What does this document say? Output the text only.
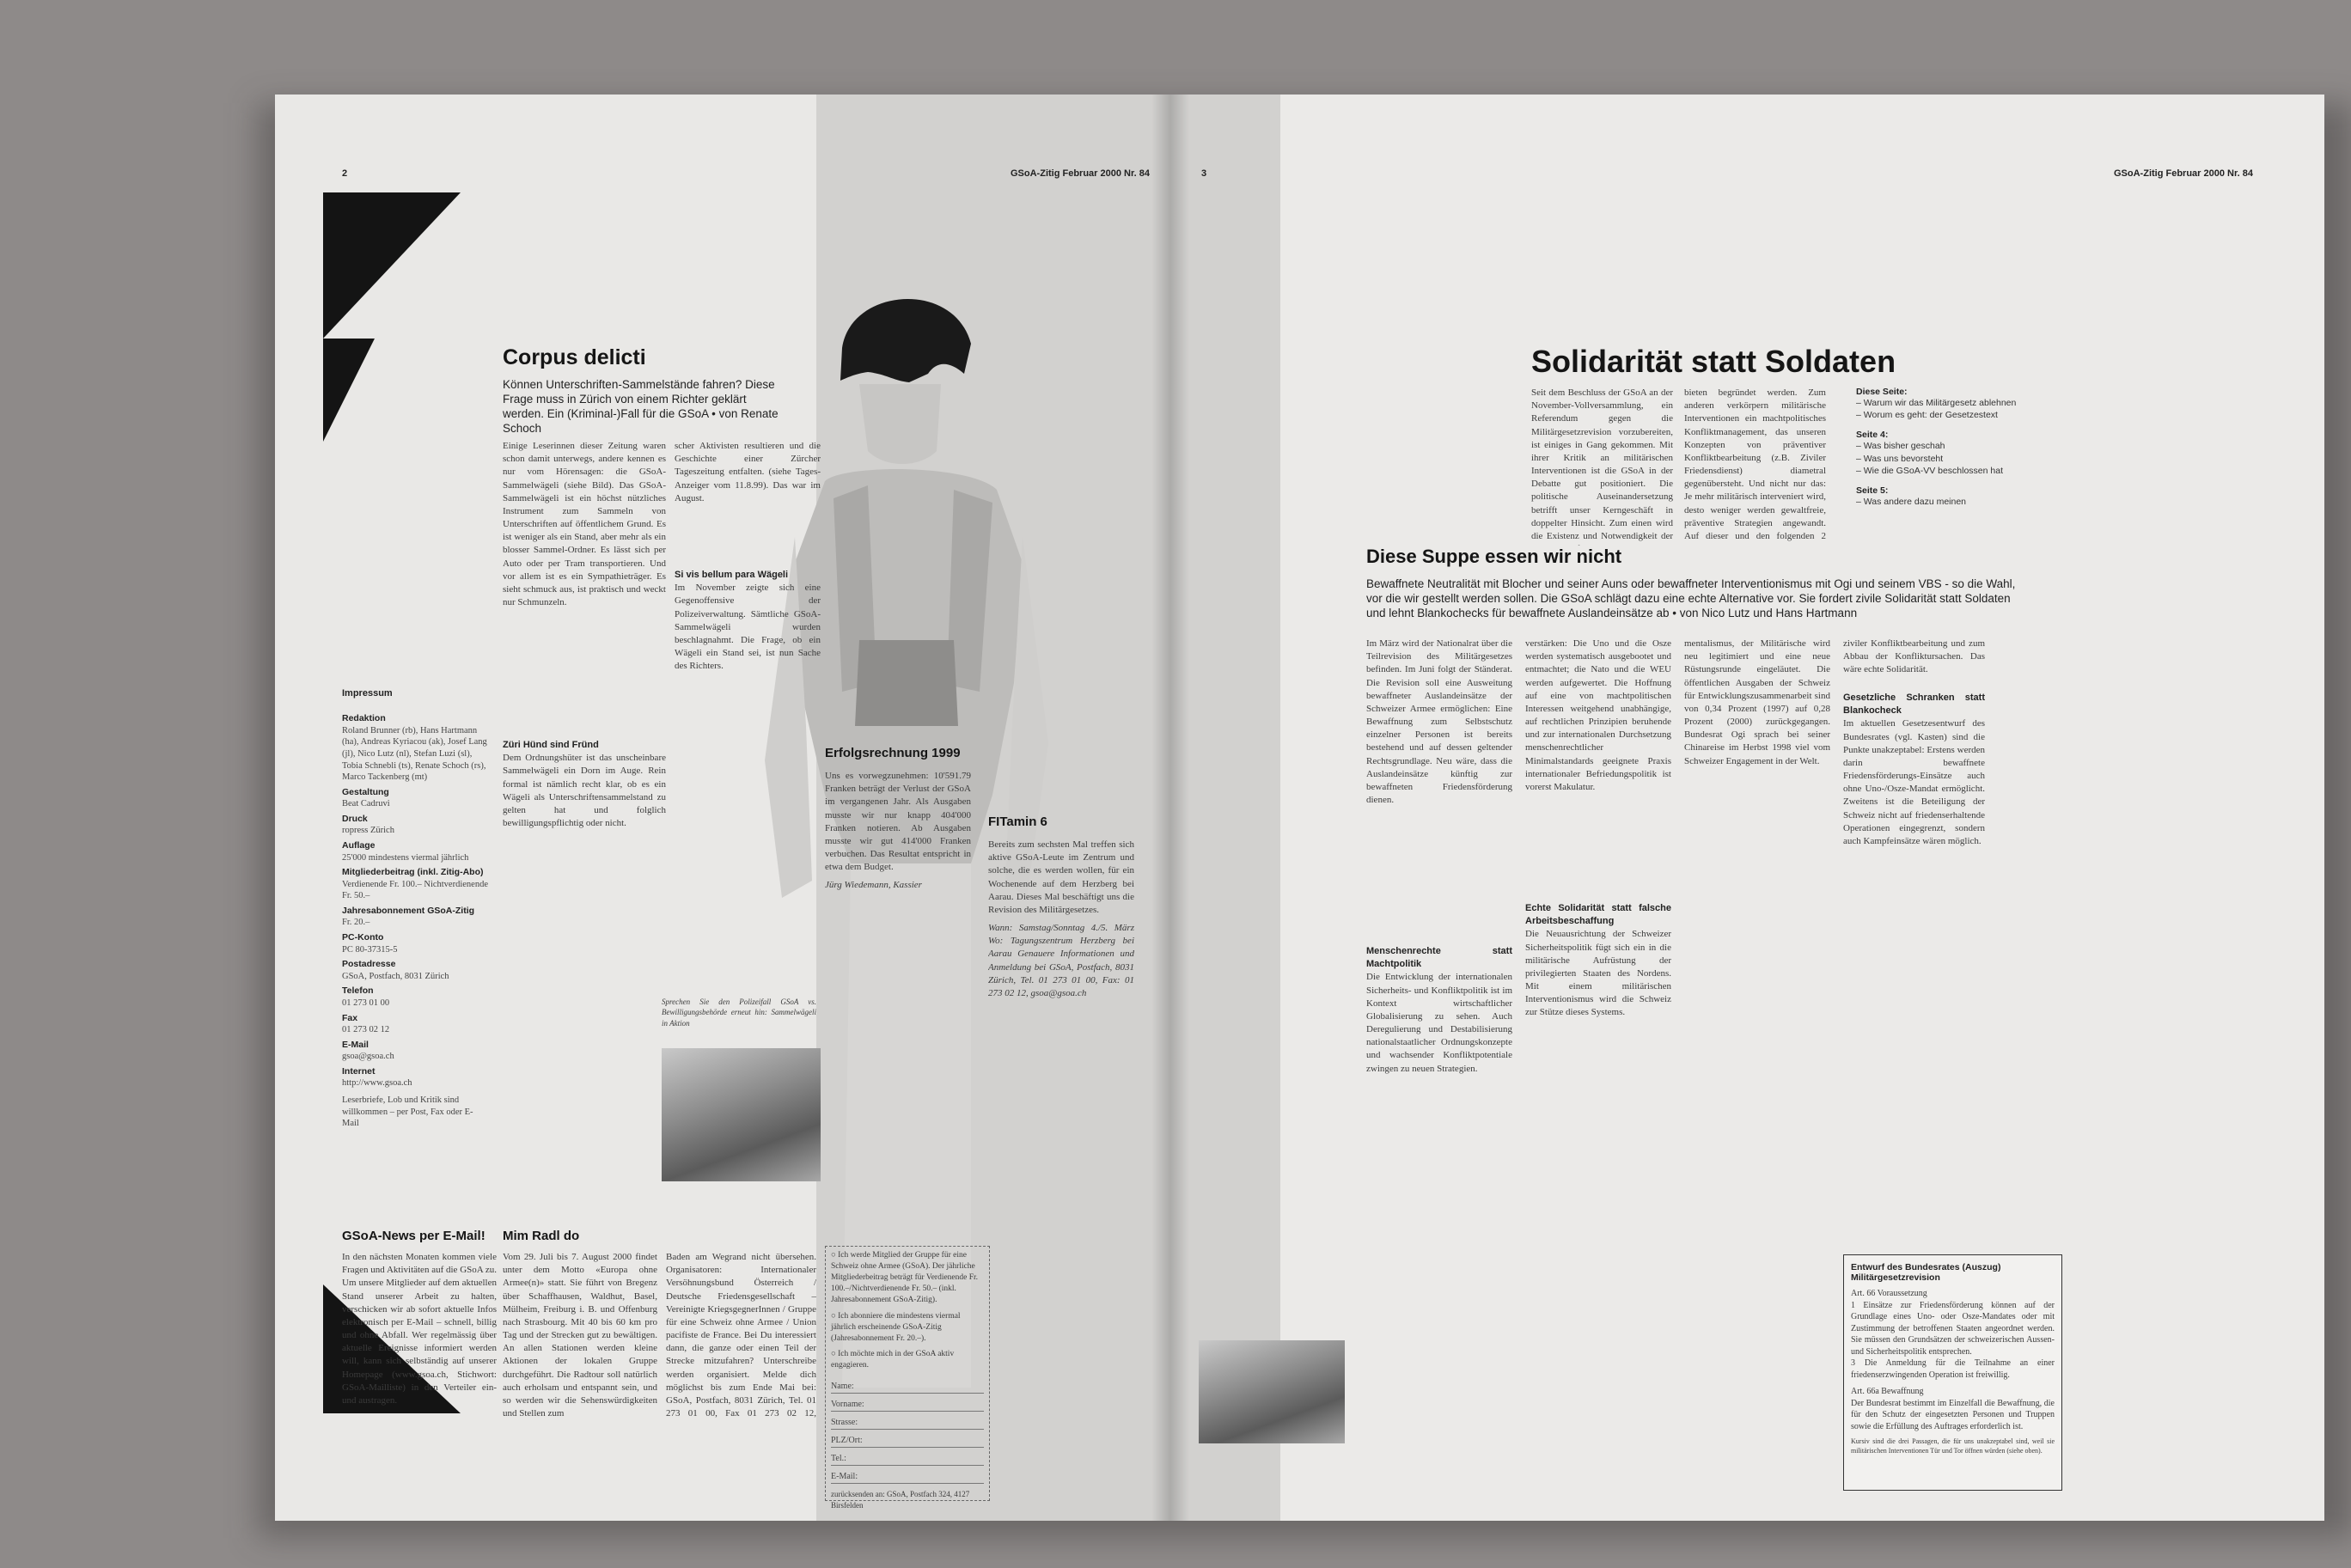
2	GSoA-Zitig Februar 2000 Nr. 84
Corpus delicti
Können Unterschriften-Sammelstände fahren? Diese Frage muss in Zürich von einem Richter geklärt werden. Ein (Kriminal-)Fall für die GSoA • von Renate Schoch
Einige Leserinnen dieser Zeitung waren schon damit unterwegs, andere kennen es nur vom Hörensagen: die GSoA-Sammelwägeli (siehe Bild). Das GSoA-Sammelwägeli ist ein höchst nützliches Instrument zum Sammeln von Unterschriften auf öffentlichem Grund. Es ist weniger als ein Stand, aber mehr als ein blosser Sammel-Ordner. Es lässt sich per Auto oder per Tram transportieren. Und vor allem ist es ein Sympathieträger. Es sieht schmuck aus, ist praktisch und weckt nur Schmunzeln.
Züri Hünd sind Fründ
Dem Ordnungshüter ist das unscheinbare Sammelwägeli ein Dorn im Auge. Rein formal ist nämlich recht klar, ob es ein Wägeli als Unterschriftensammelstand zu gelten hat und folglich bewilligungspflichtig oder nicht.
scher Aktivisten resultieren und die Geschichte einer Zürcher Tageszeitung entfalten. (siehe Tages-Anzeiger vom 11.8.99). Das war im August.
Si vis bellum para Wägeli
Im November zeigte sich eine Gegenoffensive der Polizeiverwaltung. Sämtliche GSoA-Sammelwägeli wurden beschlagnahmt. Die Frage, ob ein Wägeli ein Stand sei, ist nun Sache des Richters.
Impressum
Redaktion
Roland Brunner (rb), Hans Hartmann (ha), Andreas Kyriacou (ak), Josef Lang (jl), Nico Lutz (nl), Stefan Luzi (sl), Tobia Schnebli (ts), Renate Schoch (rs), Marco Tackenberg (mt)
Gestaltung
Beat Cadruvi
Druck
ropress Zürich
Auflage
25'000 mindestens viermal jährlich
Mitgliederbeitrag (inkl. Zitig-Abo)
Verdienende Fr. 100.– Nichtverdienende Fr. 50.–
Jahresabonnement GSoA-Zitig
Fr. 20.–
PC-Konto
PC 80-37315-5
Postadresse
GSoA, Postfach, 8031 Zürich
Telefon
01 273 01 00
Fax
01 273 02 12
E-Mail
gsoa@gsoa.ch
Internet
http://www.gsoa.ch
Leserbriefe, Lob und Kritik sind willkommen – per Post, Fax oder E-Mail
Erfolgsrechnung 1999
Uns es vorwegzunehmen: 10'591.79 Franken beträgt der Verlust der GSoA im vergangenen Jahr. Als Ausgaben musste wir nur knapp 404'000 Franken notieren. Ab Ausgaben musste wir gut 414'000 Franken verbuchen. Das Resultat entspricht in etwa dem Budget.
Jürg Wiedemann, Kassier
FITamin 6
Bereits zum sechsten Mal treffen sich aktive GSoA-Leute im Zentrum und solche, die es werden wollen, für ein Wochenende auf dem Herzberg bei Aarau. Dieses Mal beschäftigt uns die Revision des Militärgesetzes.
Wann: Samstag/Sonntag 4./5. März Wo: Tagungszentrum Herzberg bei Aarau Genauere Informationen und Anmeldung bei GSoA, Postfach, 8031 Zürich, Tel. 01 273 01 00, Fax: 01 273 02 12, gsoa@gsoa.ch
Sprechen Sie den Polizeifall GSoA vs. Bewilligungsbehörde erneut hin: Sammelwägeli in Aktion
GSoA-News per E-Mail!
In den nächsten Monaten kommen viele Fragen und Aktivitäten auf die GSoA zu. Um unsere Mitglieder auf dem aktuellen Stand unserer Arbeit zu halten, verschicken wir ab sofort aktuelle Infos elektronisch per E-Mail – schnell, billig und ohne Abfall. Wer regelmässig über aktuelle Ereignisse informiert werden will, kann sich selbständig auf unserer Homepage (www.gsoa.ch, Stichwort: GSoA-Mailliste) in den Verteiler ein- und austragen.
Mim Radl do
Vom 29. Juli bis 7. August 2000 findet unter dem Motto «Europa ohne Armee(n)» statt. Sie führt von Bregenz über Schaffhausen, Waldhut, Basel, Mülheim, Freiburg i. B. und Offenburg nach Strasbourg. Mit 40 bis 60 km pro Tag und der Strecken gut zu bewältigen. An allen Stationen werden kleine Aktionen der lokalen Gruppe durchgeführt. Die Radtour soll natürlich auch erholsam und entspannt sein, und so werden wir die Sehenswürdigkeiten und Stellen zum
Baden am Wegrand nicht übersehen. Organisatoren: Internationaler Versöhnungsbund Österreich / Deutsche Friedensgesellschaft – Vereinigte KriegsgegnerInnen / Gruppe für eine Schweiz ohne Armee / Union pacifiste de France. Bei Du interessiert dann, die ganze oder einen Teil der Strecke mitzufahren? Unterschreibe werden organisiert. Melde dich möglichst bis zum Ende Mai bei: GSoA, Postfach, 8031 Zürich, Tel. 01 273 01 00, Fax 01 273 02 12,
○ Ich werde Mitglied der Gruppe für eine Schweiz ohne Armee (GSoA). Der jährliche Mitgliederbeitrag beträgt für Verdienende Fr. 100.–/Nichtverdienende Fr. 50.– (inkl. Jahresabonnement GSoA-Zitig).
○ Ich abonniere die mindestens viermal jährlich erscheinende GSoA-Zitig (Jahresabonnement Fr. 20.–).
○ Ich möchte mich in der GSoA aktiv engagieren.
Name:
Vorname:
Strasse:
PLZ/Ort:
Tel.:
E-Mail:
zurücksenden an: GSoA, Postfach 324, 4127 Birsfelden
3	GSoA-Zitig Februar 2000 Nr. 84
Solidarität statt Soldaten
Seit dem Beschluss der GSoA an der November-Vollversammlung, ein Referendum gegen die Militärgesetzrevision vorzubereiten, ist einiges in Gang gekommen. Mit ihrer Kritik an militärischen Interventionen ist die GSoA in der Debatte gut positioniert. Die politische Auseinandersetzung betrifft unser Kerngeschäft in doppelter Hinsicht. Zum einen wird die Existenz und Notwendigkeit der
bieten begründet werden. Zum anderen verkörpern militärische Interventionen ein machtpolitisches Konfliktmanagement, das unseren Konzepten von präventiver Konfliktbearbeitung (z.B. Ziviler Friedensdienst) diametral gegenübersteht. Und nicht nur das: Je mehr militärisch interveniert wird, desto weniger werden gewaltfreie, präventive Strategien angewandt. Auf dieser und den folgenden 2
Diese Seite:
– Warum wir das Militärgesetz ablehnen
– Worum es geht: der Gesetzestext
Seite 4:
– Was bisher geschah
– Was uns bevorsteht
– Wie die GSoA-VV beschlossen hat
Seite 5:
– Was andere dazu meinen
Diese Suppe essen wir nicht
Bewaffnete Neutralität mit Blocher und seiner Auns oder bewaffneter Interventionismus mit Ogi und seinem VBS - so die Wahl, vor die wir gestellt werden sollen. Die GSoA schlägt dazu eine echte Alternative vor. Sie fordert zivile Solidarität statt Soldaten und lehnt Blankochecks für bewaffnete Auslandeinsätze ab • von Nico Lutz und Hans Hartmann
Im März wird der Nationalrat über die Teilrevision des Militärgesetzes befinden. Im Juni folgt der Ständerat. Die Revision soll eine Ausweitung bewaffneter Auslandeinsätze der Schweizer Armee ermöglichen: Eine Bewaffnung zum Selbstschutz einzelner Personen ist bereits bestehend und auf dessen geltender Rechtsgrundlage. Neu wäre, dass die Auslandeinsätze künftig zur bewaffneten Friedensförderung dienen.
Menschenrechte statt Machtpolitik
Die Entwicklung der internationalen Sicherheits- und Konfliktpolitik ist im Kontext wirtschaftlicher Globalisierung zu sehen. Auch Deregulierung und Destabilisierung nationalstaatlicher Ordnungskonzepte und wachsender Konfliktpotentiale zwingen zu neuen Strategien.
verstärken: Die Uno und die Osze werden systematisch ausgebootet und entmachtet; die Nato und die WEU werden aufgewertet. Die Hoffnung auf eine von machtpolitischen Interessen weitgehend unabhängige, auf rechtlichen Prinzipien beruhende und zur internationalen Durchsetzung menschenrechtlicher Minimalstandards geeignete Praxis internationaler Befriedungspolitik ist vorerst Makulatur.
Echte Solidarität statt falsche Arbeitsbeschaffung
Die Neuausrichtung der Schweizer Sicherheitspolitik fügt sich ein in die militärische Aufrüstung der privilegierten Staaten des Nordens. Mit einem militärischen Interventionismus wird die Schweiz zur Stütze dieses Systems.
mentalismus, der Militärische wird neu legitimiert und eine neue Rüstungsrunde eingeläutet. Die öffentlichen Ausgaben der Schweiz für Entwicklungszusammenarbeit sind von 0,34 Prozent (1997) auf 0,28 Prozent (2000) zurückgegangen. Bundesrat Ogi sprach bei seiner Chinareise im Herbst 1998 viel vom Schweizer Engagement in der Welt.
ziviler Konfliktbearbeitung und zum Abbau der Konfliktursachen. Das wäre echte Solidarität.
Gesetzliche Schranken statt Blankocheck
Im aktuellen Gesetzesentwurf des Bundesrates (vgl. Kasten) sind die Punkte unakzeptabel: Erstens werden darin bewaffnete Friedensförderungs-Einsätze auch ohne Uno-/Osze-Mandat ermöglicht. Zweitens ist die Beteiligung der Schweiz nicht auf friedenserhaltende Operationen eingegrenzt, sondern auch Kampfeinsätze wären möglich.
Entwurf des Bundesrates (Auszug) Militärgesetzrevision
Art. 66 Voraussetzung
1 Einsätze zur Friedensförderung können auf der Grundlage eines Uno- oder Osze-Mandates oder mit Zustimmung der betroffenen Staaten angeordnet werden. Sie müssen den Grundsätzen der schweizerischen Aussen- und Sicherheitspolitik entsprechen.
3 Die Anmeldung für die Teilnahme an einer friedenserzwingenden Operation ist freiwillig.
Art. 66a Bewaffnung
Der Bundesrat bestimmt im Einzelfall die Bewaffnung, die für den Schutz der eingesetzten Personen und Truppen sowie die Erfüllung des Auftrages erforderlich ist.
Kursiv sind die drei Passagen, die für uns unakzeptabel sind, weil sie militärischen Interventionen Tür und Tor öffnen würden (siehe oben).
